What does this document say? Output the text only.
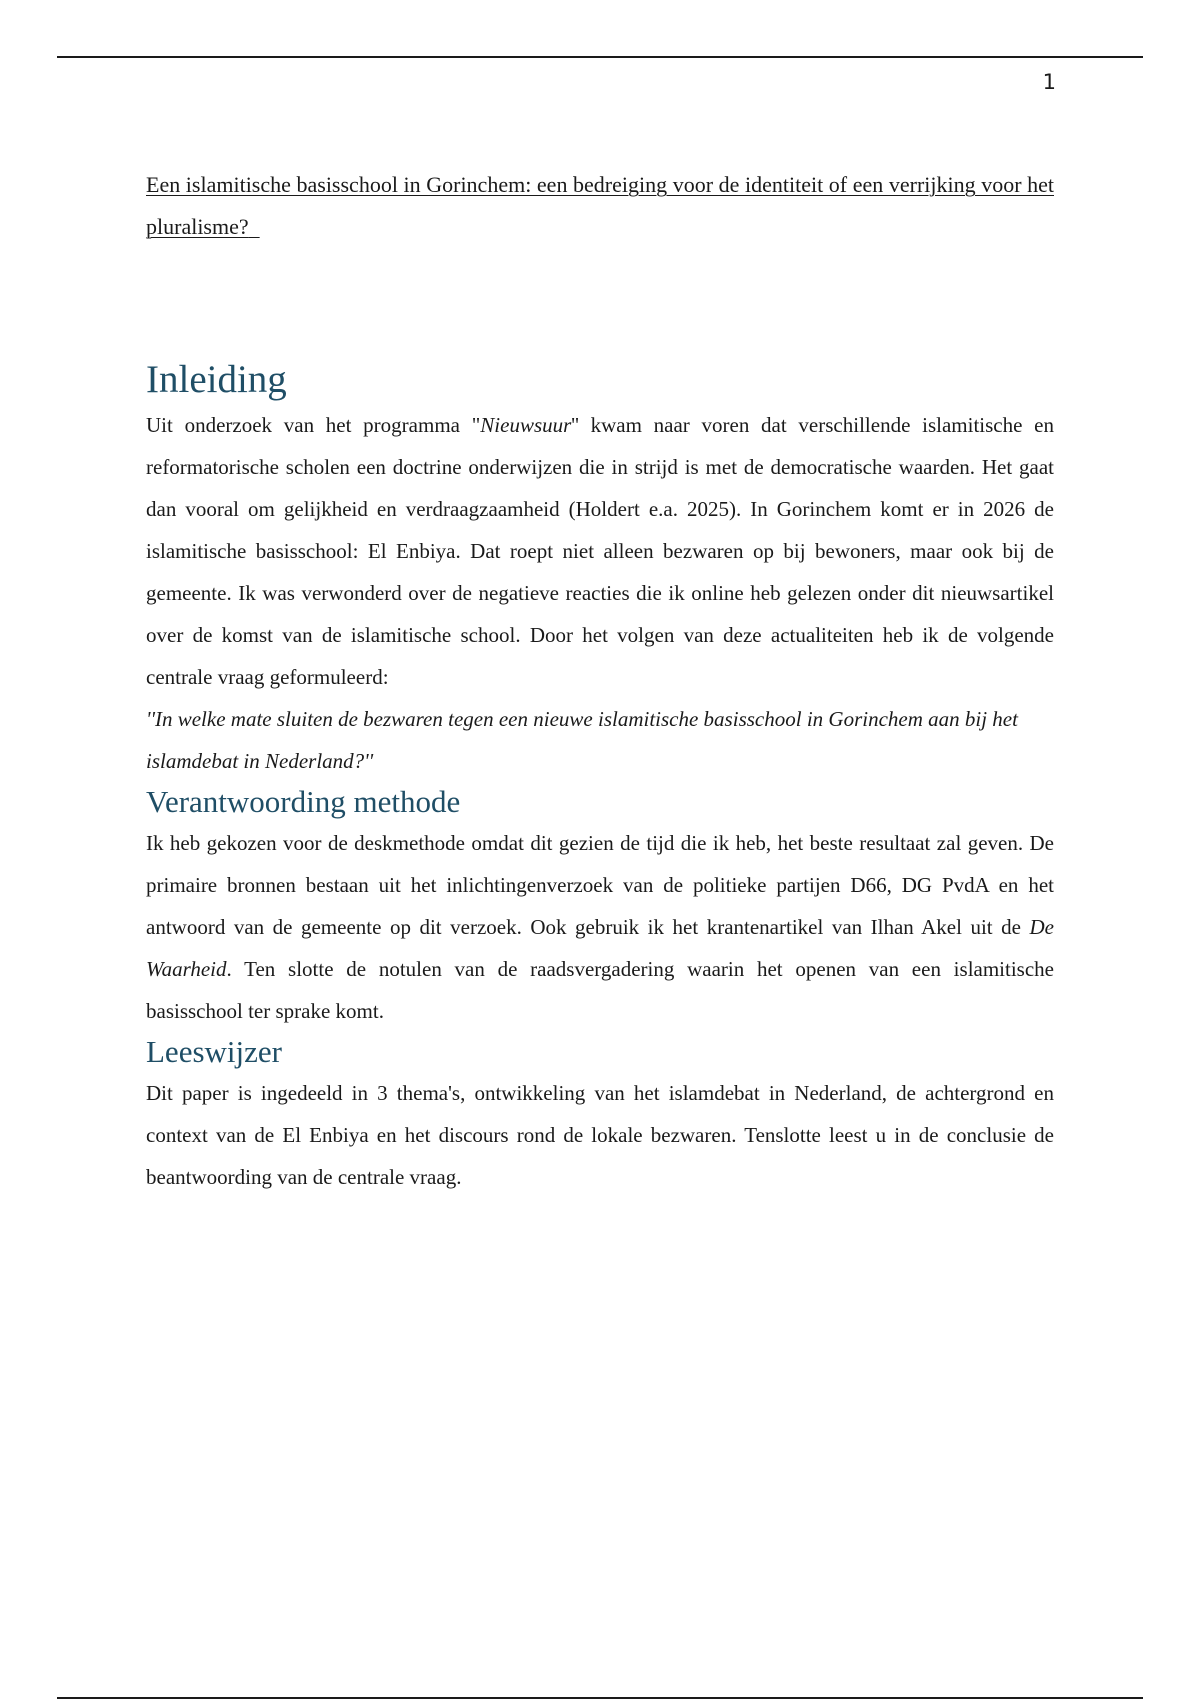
1

Een islamitische basisschool in Gorinchem: een bedreiging voor de identiteit of een verrijking voor het pluralisme?

Inleiding

Uit onderzoek van het programma "Nieuwsuur'' kwam naar voren dat verschillende islamitische en reformatorische scholen een doctrine onderwijzen die in strijd is met de democratische waarden. Het gaat dan vooral om gelijkheid en verdraagzaamheid (Holdert e.a. 2025). In Gorinchem komt er in 2026 de islamitische basisschool: El Enbiya. Dat roept niet alleen bezwaren op bij bewoners, maar ook bij de gemeente. Ik was verwonderd over de negatieve reacties die ik online heb gelezen onder dit nieuwsartikel over de komst van de islamitische school. Door het volgen van deze actualiteiten heb ik de volgende centrale vraag geformuleerd:

''In welke mate sluiten de bezwaren tegen een nieuwe islamitische basisschool in Gorinchem aan bij het islamdebat in Nederland?''

Verantwoording methode

Ik heb gekozen voor de deskmethode omdat dit gezien de tijd die ik heb, het beste resultaat zal geven. De primaire bronnen bestaan uit het inlichtingenverzoek van de politieke partijen D66, DG PvdA en het antwoord van de gemeente op dit verzoek. Ook gebruik ik het krantenartikel van Ilhan Akel uit de De Waarheid. Ten slotte de notulen van de raadsvergadering waarin het openen van een islamitische basisschool ter sprake komt.

Leeswijzer

Dit paper is ingedeeld in 3 thema's, ontwikkeling van het islamdebat in Nederland, de achtergrond en context van de El Enbiya en het discours rond de lokale bezwaren. Tenslotte leest u in de conclusie de beantwoording van de centrale vraag.
